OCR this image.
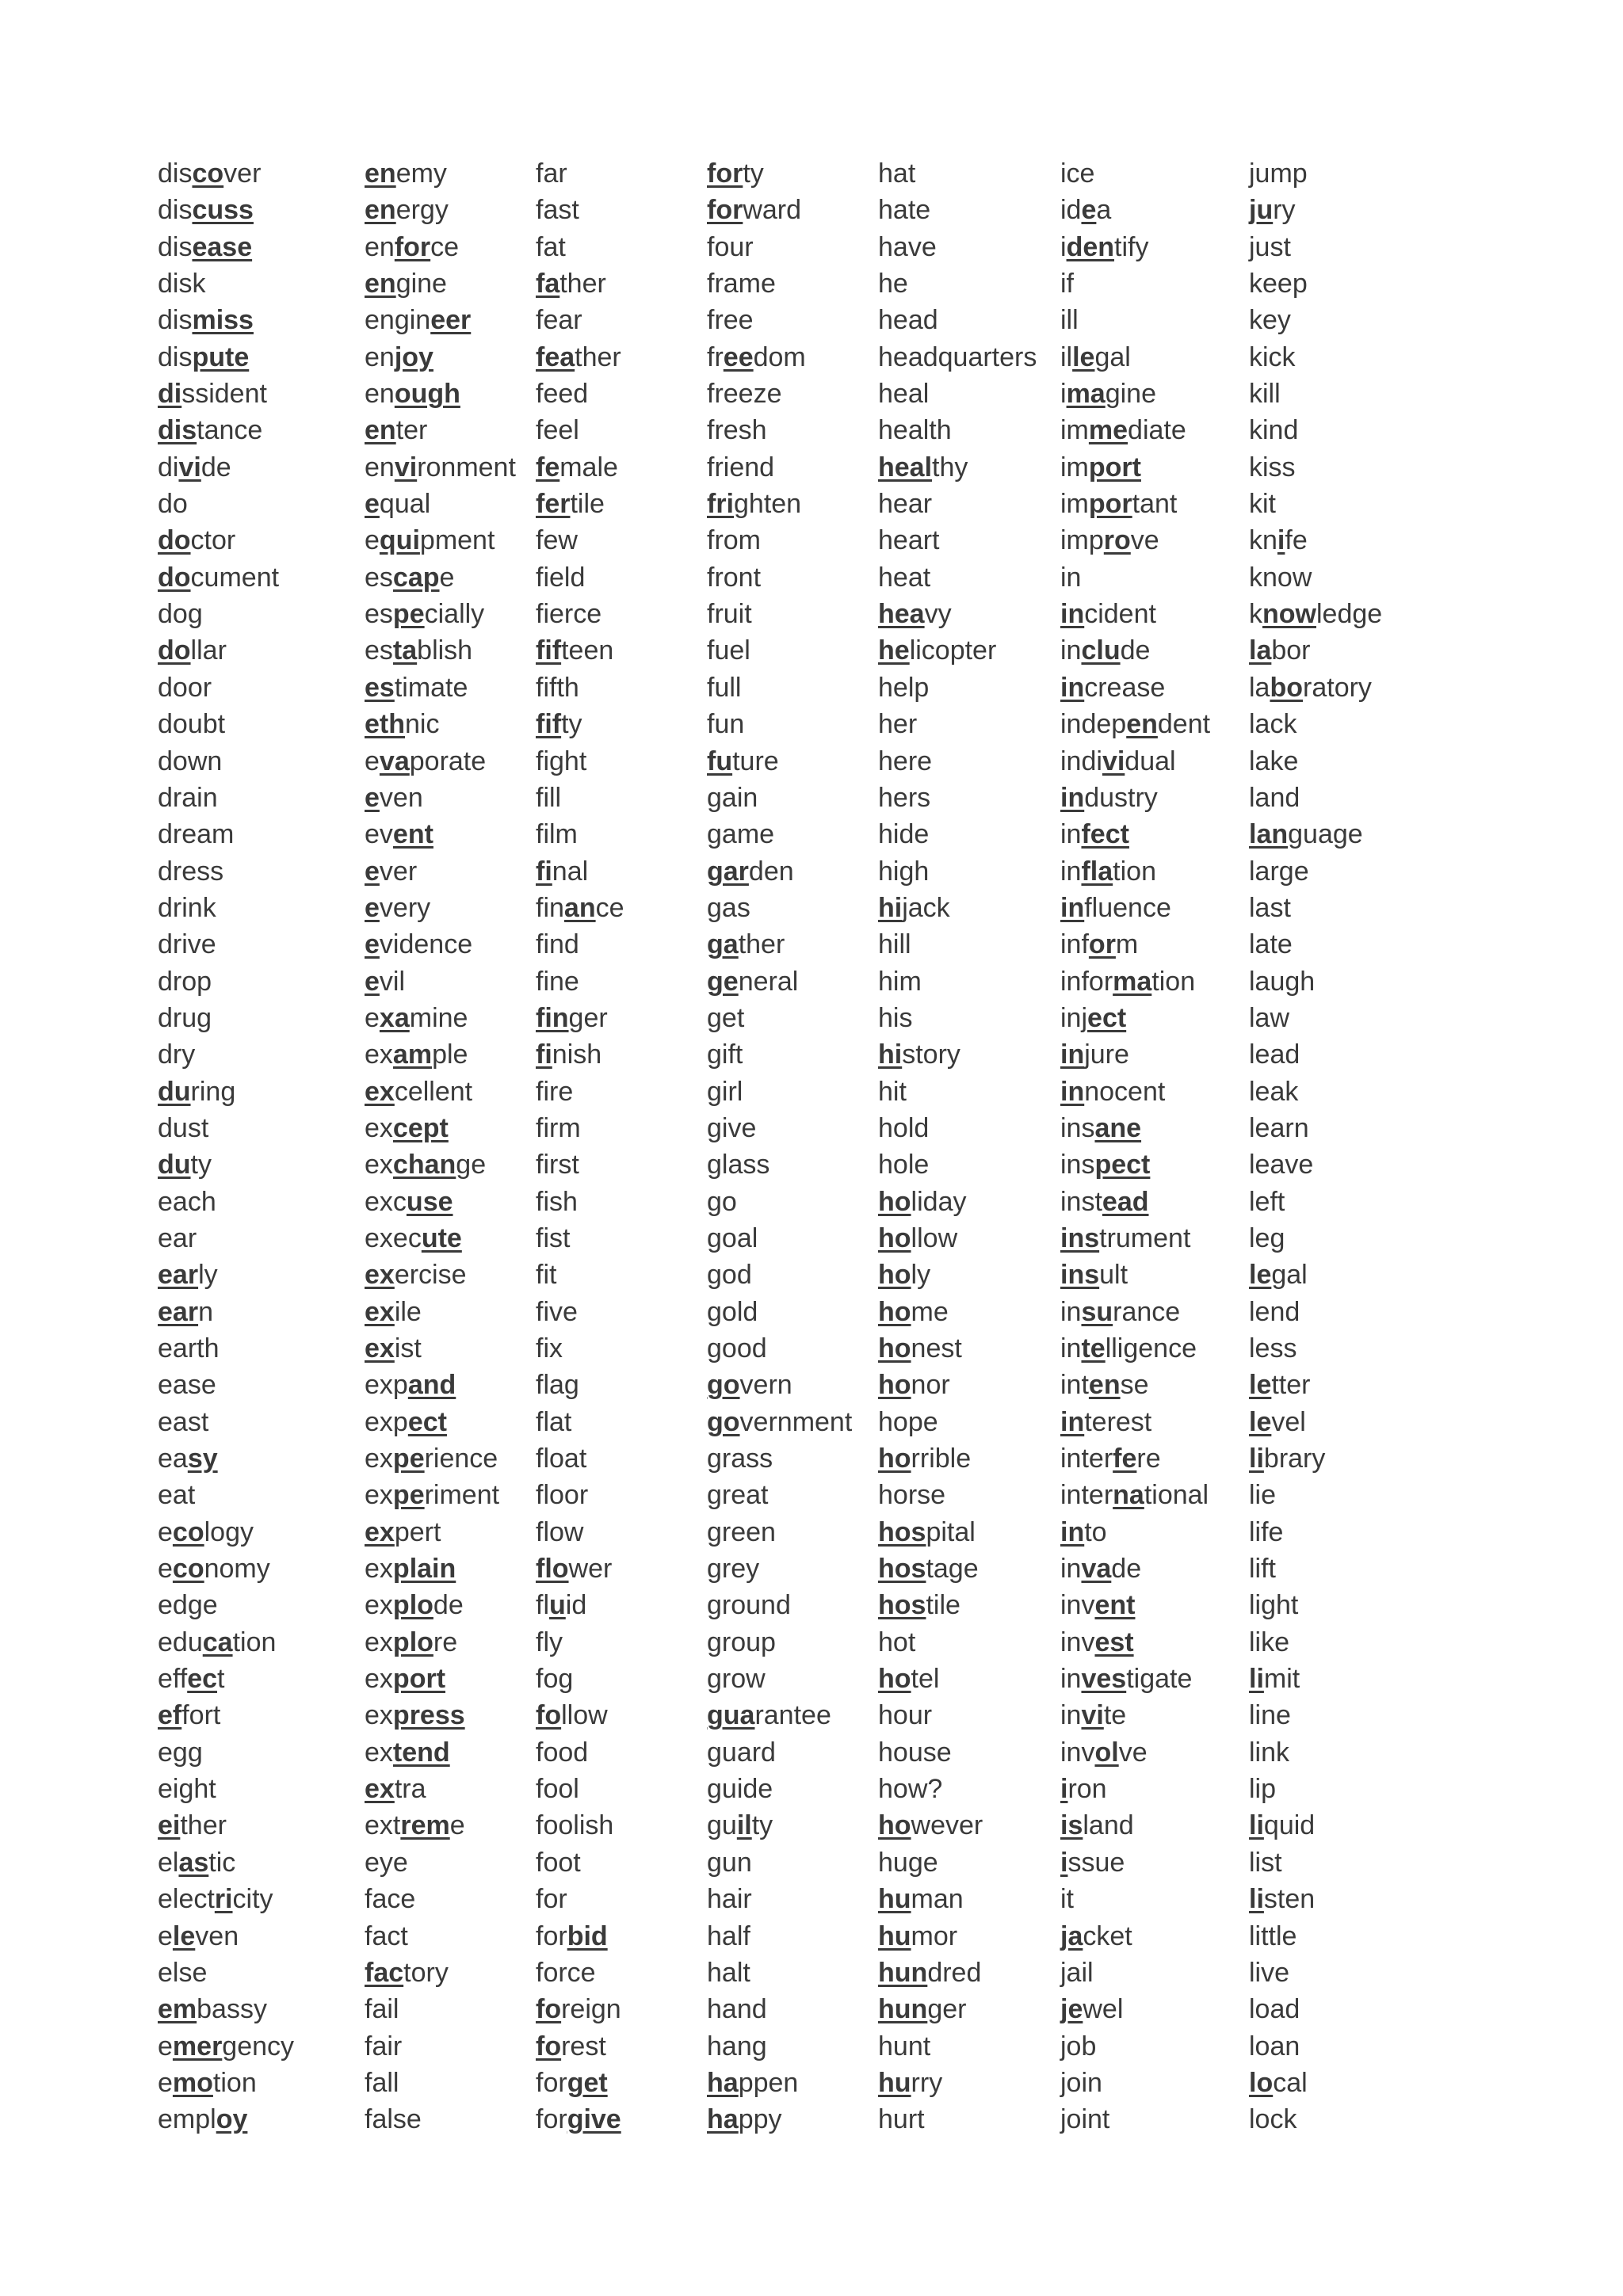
discover
discuss
disease
disk
dismiss
dispute
dissident
distance
divide
do
doctor
document
dog
dollar
door
doubt
down
drain
dream
dress
drink
drive
drop
drug
dry
during
dust
duty
each
ear
early
earn
earth
ease
east
easy
eat
ecology
economy
edge
education
effect
effort
egg
eight
either
elastic
electricity
eleven
else
embassy
emergency
emotion
employ
enemy
energy
enforce
engine
engineer
enjoy
enough
enter
environment
equal
equipment
escape
especially
establish
estimate
ethnic
evaporate
even
event
ever
every
evidence
evil
examine
example
excellent
except
exchange
excuse
execute
exercise
exile
exist
expand
expect
experience
experiment
expert
explain
explode
explore
export
express
extend
extra
extreme
eye
face
fact
factory
fail
fair
fall
false
far
fast
fat
father
fear
feather
feed
feel
female
fertile
few
field
fierce
fifteen
fifth
fifty
fight
fill
film
final
finance
find
fine
finger
finish
fire
firm
first
fish
fist
fit
five
fix
flag
flat
float
floor
flow
flower
fluid
fly
fog
follow
food
fool
foolish
foot
for
forbid
force
foreign
forest
forget
forgive
forty
forward
four
frame
free
freedom
freeze
fresh
friend
frighten
from
front
fruit
fuel
full
fun
future
gain
game
garden
gas
gather
general
get
gift
girl
give
glass
go
goal
god
gold
good
govern
government
grass
great
green
grey
ground
group
grow
guarantee
guard
guide
guilty
gun
hair
half
halt
hand
hang
happen
happy
hat
hate
have
he
head
headquarters
heal
health
healthy
hear
heart
heat
heavy
helicopter
help
her
here
hers
hide
high
hijack
hill
him
his
history
hit
hold
hole
holiday
hollow
holy
home
honest
honor
hope
horrible
horse
hospital
hostage
hostile
hot
hotel
hour
house
how?
however
huge
human
humor
hundred
hunger
hunt
hurry
hurt
ice
idea
identify
if
ill
illegal
imagine
immediate
import
important
improve
in
incident
include
increase
independent
individual
industry
infect
inflation
influence
inform
information
inject
injure
innocent
insane
inspect
instead
instrument
insult
insurance
intelligence
intense
interest
interfere
international
into
invade
invent
invest
investigate
invite
involve
iron
island
issue
it
jacket
jail
jewel
job
join
joint
jump
jury
just
keep
key
kick
kill
kind
kiss
kit
knife
know
knowledge
labor
laboratory
lack
lake
land
language
large
last
late
laugh
law
lead
leak
learn
leave
left
leg
legal
lend
less
letter
level
library
lie
life
lift
light
like
limit
line
link
lip
liquid
list
listen
little
live
load
loan
local
lock
